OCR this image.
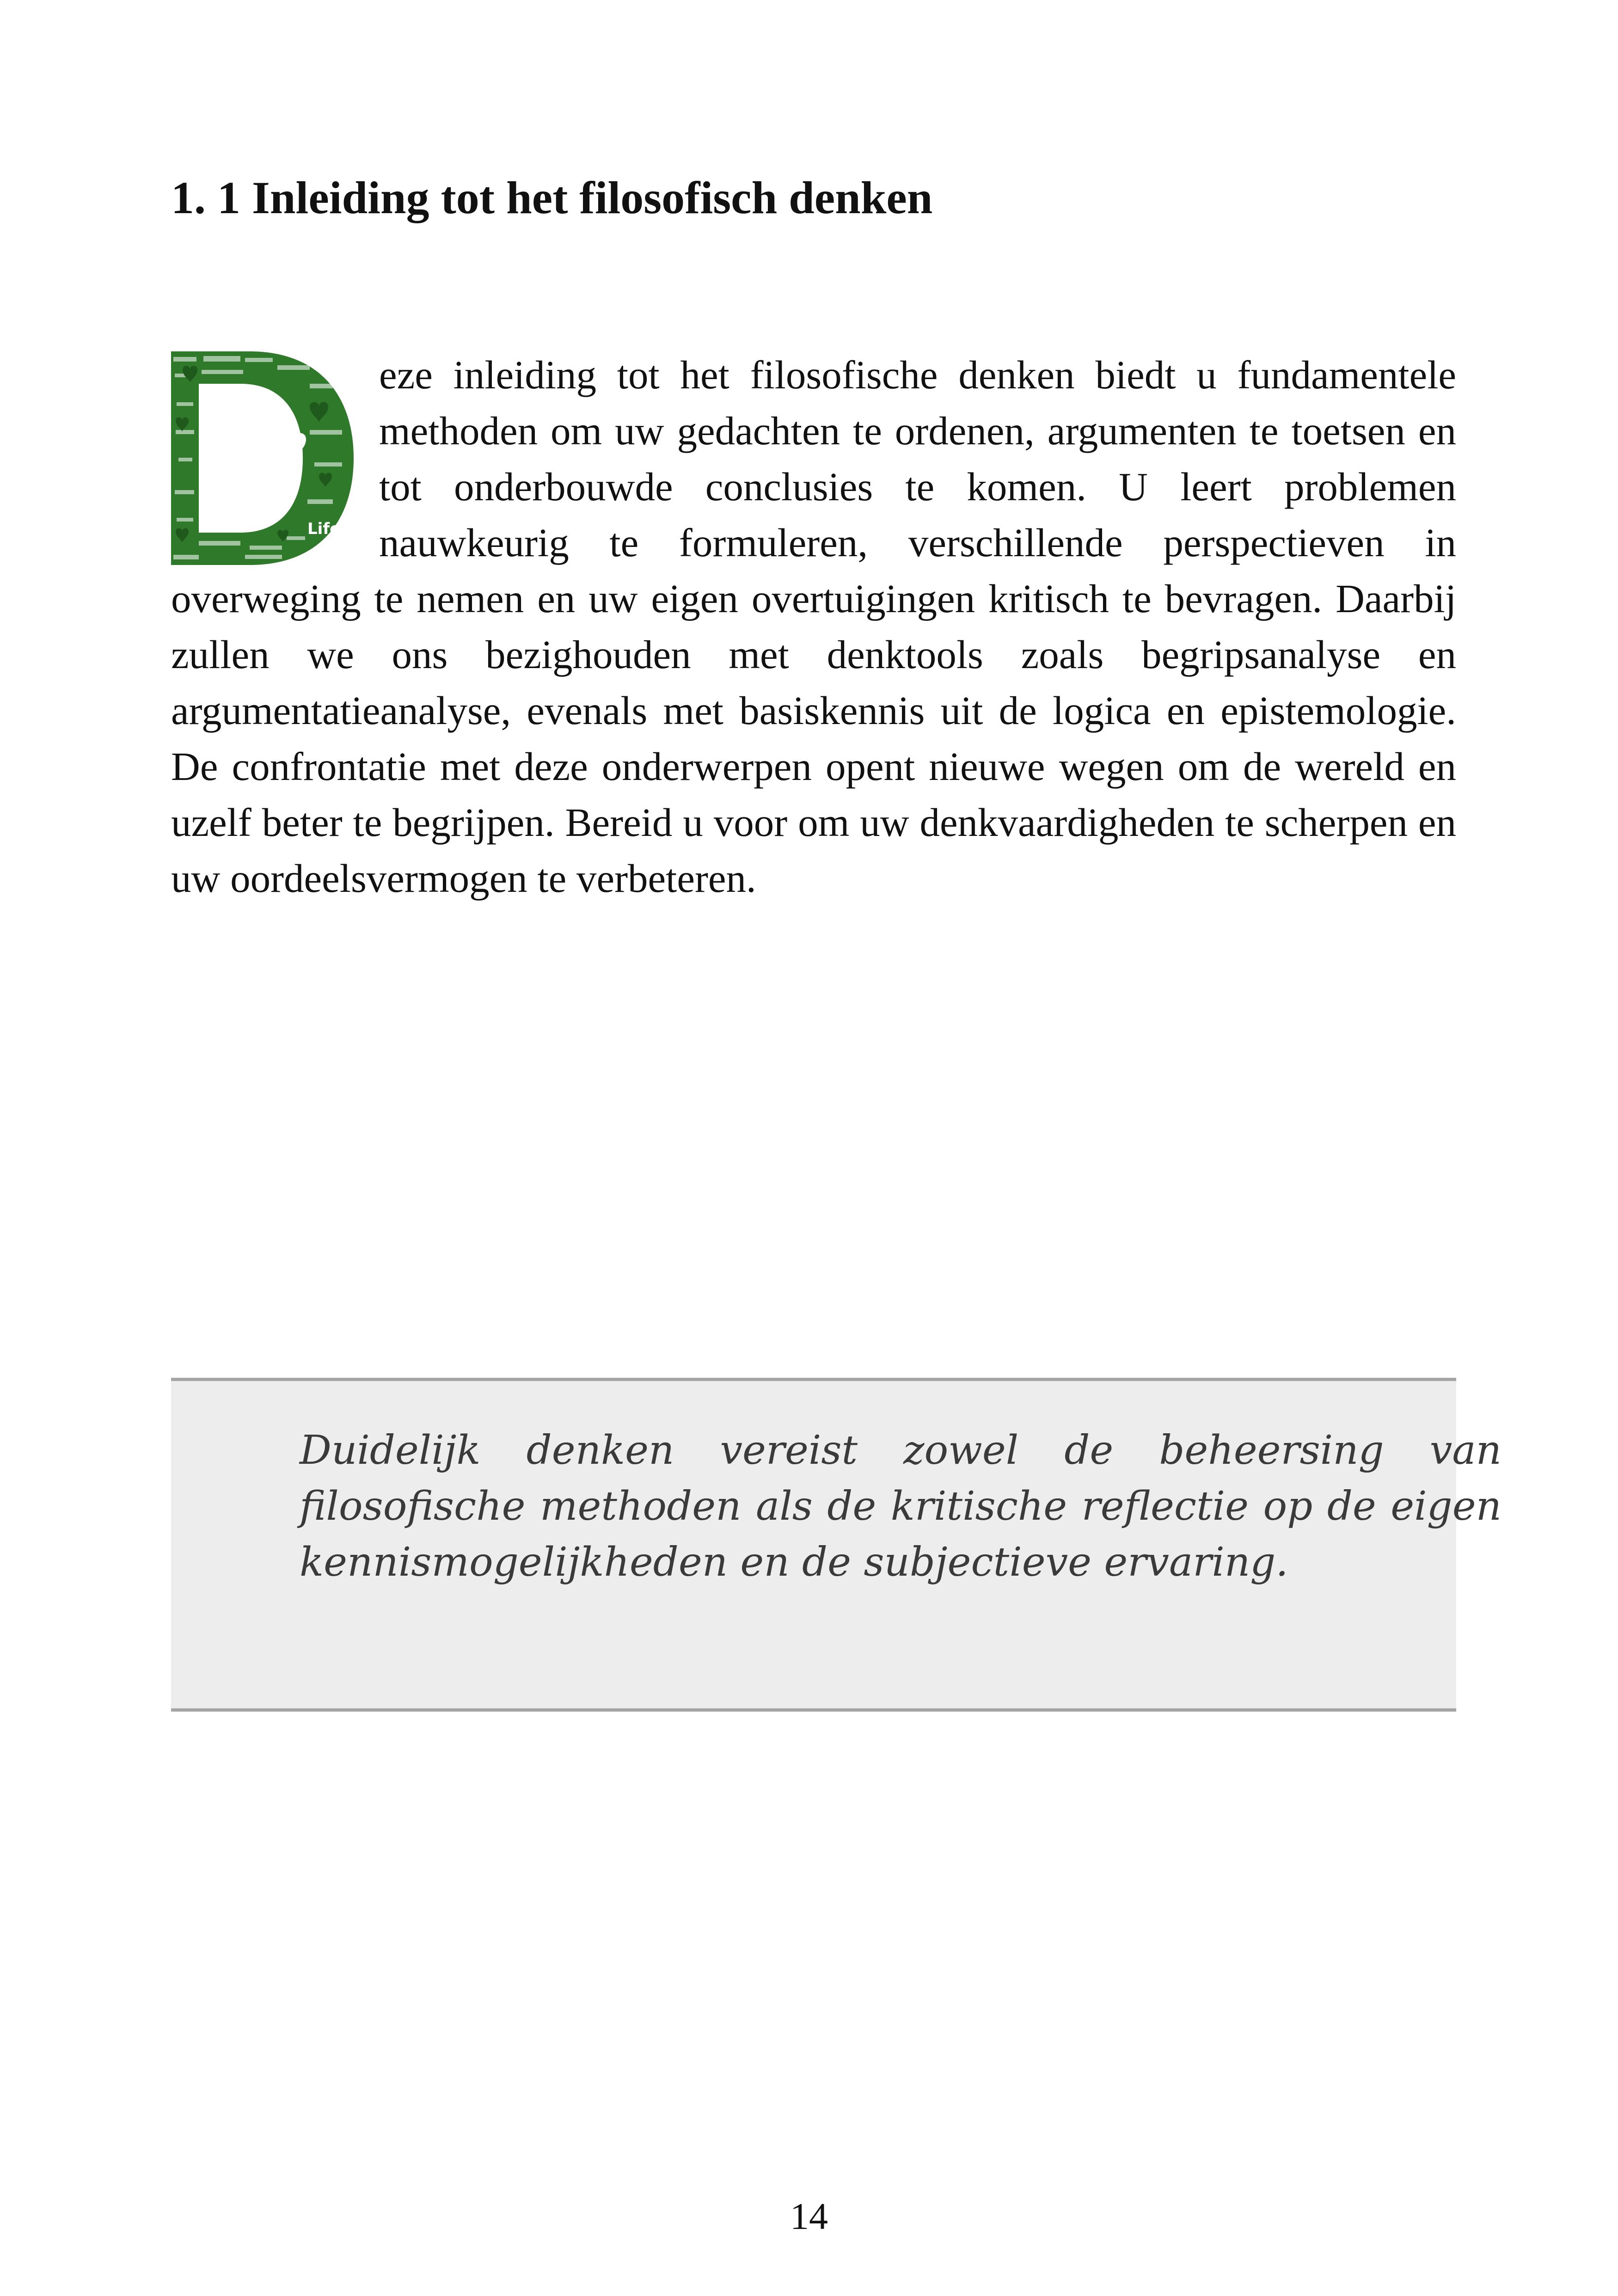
1. 1 Inleiding tot het filosofisch denken
Life
eze inleiding tot het filosofische denken biedt u fundamentele methoden om uw gedachten te ordenen, argumenten te toetsen en tot onderbouwde conclusies te komen. U leert problemen nauwkeurig te formuleren, verschillende perspectieven in overweging te nemen en uw eigen overtuigingen kritisch te bevragen. Daarbij zullen we ons bezighouden met denktools zoals begripsanalyse en argumentatieanalyse, evenals met basiskennis uit de logica en epistemologie. De confrontatie met deze onderwerpen opent nieuwe wegen om de wereld en uzelf beter te begrijpen. Bereid u voor om uw denkvaardigheden te scherpen en uw oordeelsvermogen te verbeteren.

Duidelijk denken vereist zowel de beheersing van filosofische methoden als de kritische reflectie op de eigen kennismogelijkheden en de subjectieve ervaring.

14
